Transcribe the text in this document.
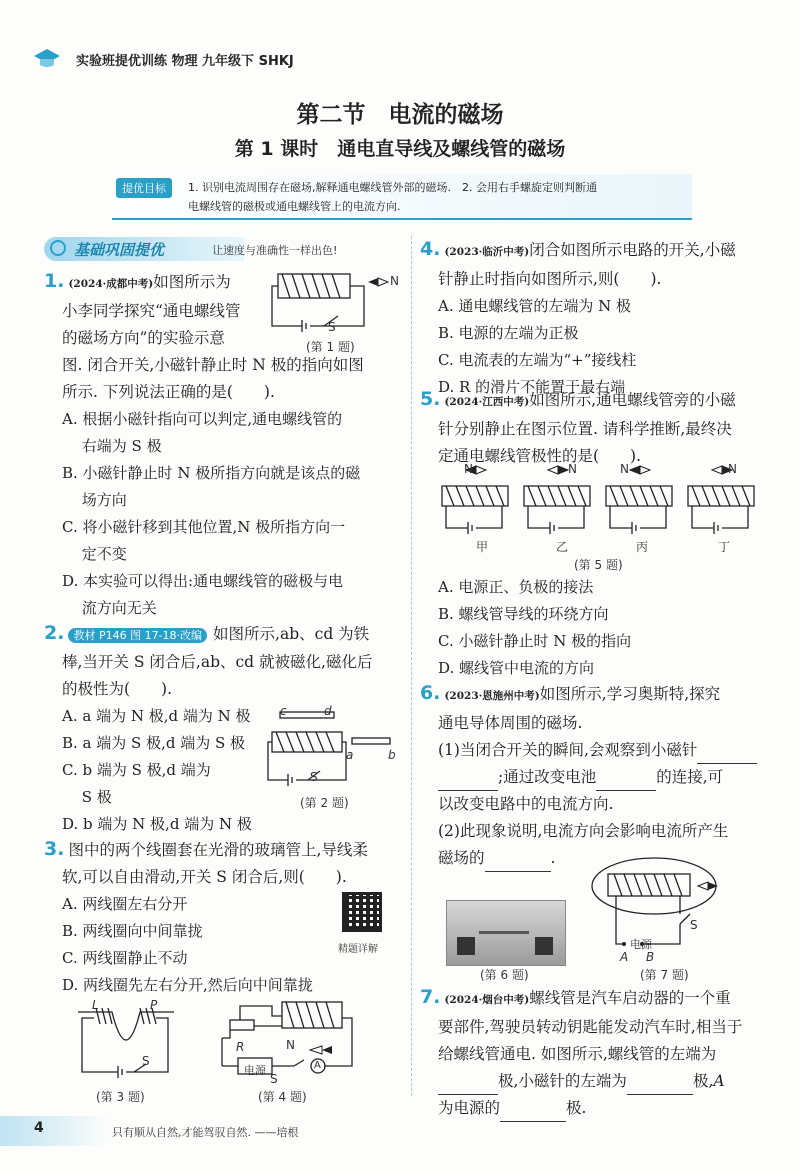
实验班提优训练 物理 九年级下 SHKJ
第二节　电流的磁场
第 1 课时　通电直导线及螺线管的磁场
提优目标	1. 识别电流周围存在磁场,解释通电螺线管外部的磁场.　2. 会用右手螺旋定则判断通
电螺线管的磁极或通电螺线管上的电流方向.
基础巩固提优	让速度与准确性一样出色!
1. (2024·成都中考)如图所示为
小李同学探究“通电螺线管
的磁场方向”的实验示意
图. 闭合开关,小磁针静止时 N 极的指向如图
所示. 下列说法正确的是(　　).
A. 根据小磁针指向可以判定,通电螺线管的
　 右端为 S 极
B. 小磁针静止时 N 极所指方向就是该点的磁
　 场方向
C. 将小磁针移到其他位置,N 极所指方向一
　 定不变
D. 本实验可以得出:通电螺线管的磁极与电
　 流方向无关
N
S
(第 1 题)
2. 教材 P146 图 17-18·改编 如图所示,ab、cd 为铁
棒,当开关 S 闭合后,ab、cd 就被磁化,磁化后
的极性为(　　).
A. a 端为 N 极,d 端为 N 极
B. a 端为 S 极,d 端为 S 极
C. b 端为 S 极,d 端为
　 S 极
D. b 端为 N 极,d 端为 N 极
c	d
a	b
S
(第 2 题)
3. 图中的两个线圈套在光滑的玻璃管上,导线柔
软,可以自由滑动,开关 S 闭合后,则(　　).
A. 两线圈左右分开
B. 两线圈向中间靠拢
C. 两线圈静止不动
D. 两线圈先左右分开,然后向中间靠拢
精题详解
L	P
S
(第 3 题)
R
电源	A
N
S
(第 4 题)
4. (2023·临沂中考)闭合如图所示电路的开关,小磁
针静止时指向如图所示,则(　　).
A. 通电螺线管的左端为 N 极
B. 电源的左端为正极
C. 电流表的左端为“+”接线柱
D. R 的滑片不能置于最右端
5. (2024·江西中考)如图所示,通电螺线管旁的小磁
针分别静止在图示位置. 请科学推断,最终决
定通电螺线管极性的是(　　).
甲	乙	丙	丁
N	N	N	N
(第 5 题)
A. 电源正、负极的接法
B. 螺线管导线的环绕方向
C. 小磁针静止时 N 极的指向
D. 螺线管中电流的方向
6. (2023·恩施州中考)如图所示,学习奥斯特,探究
通电导体周围的磁场.
(1)当闭合开关的瞬间,会观察到小磁针
;通过改变电池	的连接,可
以改变电路中的电流方向.
(2)此现象说明,电流方向会影响电流所产生
磁场的	.
(第 6 题)
电源
A B
S
(第 7 题)
7. (2024·烟台中考)螺线管是汽车启动器的一个重
要部件,驾驶员转动钥匙能发动汽车时,相当于
给螺线管通电. 如图所示,螺线管的左端为
极,小磁针的左端为	极,A
为电源的	极.
4	只有顺从自然,才能驾驭自然. ——培根
